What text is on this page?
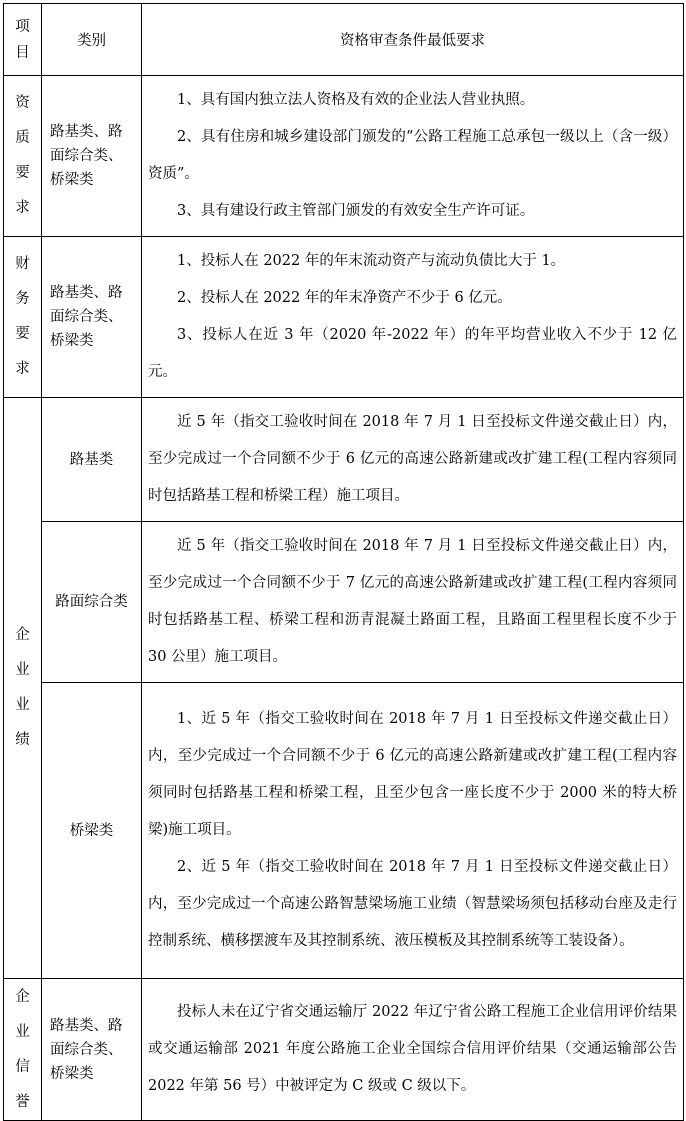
项目	类别	资格审查条件最低要求
资质要求	路基类、路面综合类、桥梁类	1、具有国内独立法人资格及有效的企业法人营业执照。

2、具有住房和城乡建设部门颁发的“公路工程施工总承包一级以上（含一级）资质”。

3、具有建设行政主管部门颁发的有效安全生产许可证。

财务要求	路基类、路面综合类、桥梁类	1、投标人在 2022 年的年末流动资产与流动负债比大于 1。

2、投标人在 2022 年的年末净资产不少于 6 亿元。

3、投标人在近 3 年（2020 年-2022 年）的年平均营业收入不少于 12 亿元。

企业业绩	路基类	近 5 年（指交工验收时间在 2018 年 7 月 1 日至投标文件递交截止日）内，至少完成过一个合同额不少于 6 亿元的高速公路新建或改扩建工程(工程内容须同时包括路基工程和桥梁工程）施工项目。

	路面综合类	近 5 年（指交工验收时间在 2018 年 7 月 1 日至投标文件递交截止日）内，至少完成过一个合同额不少于 7 亿元的高速公路新建或改扩建工程(工程内容须同时包括路基工程、桥梁工程和沥青混凝土路面工程，且路面工程里程长度不少于 30 公里）施工项目。

	桥梁类	1、近 5 年（指交工验收时间在 2018 年 7 月 1 日至投标文件递交截止日）内，至少完成过一个合同额不少于 6 亿元的高速公路新建或改扩建工程(工程内容须同时包括路基工程和桥梁工程，且至少包含一座长度不少于 2000 米的特大桥梁)施工项目。

2、近 5 年（指交工验收时间在 2018 年 7 月 1 日至投标文件递交截止日）内，至少完成过一个高速公路智慧梁场施工业绩（智慧梁场须包括移动台座及走行控制系统、横移摆渡车及其控制系统、液压模板及其控制系统等工装设备）。

企业信誉	路基类、路面综合类、桥梁类	投标人未在辽宁省交通运输厅 2022 年辽宁省公路工程施工企业信用评价结果或交通运输部 2021 年度公路施工企业全国综合信用评价结果（交通运输部公告 2022 年第 56 号）中被评定为 C 级或 C 级以下。
